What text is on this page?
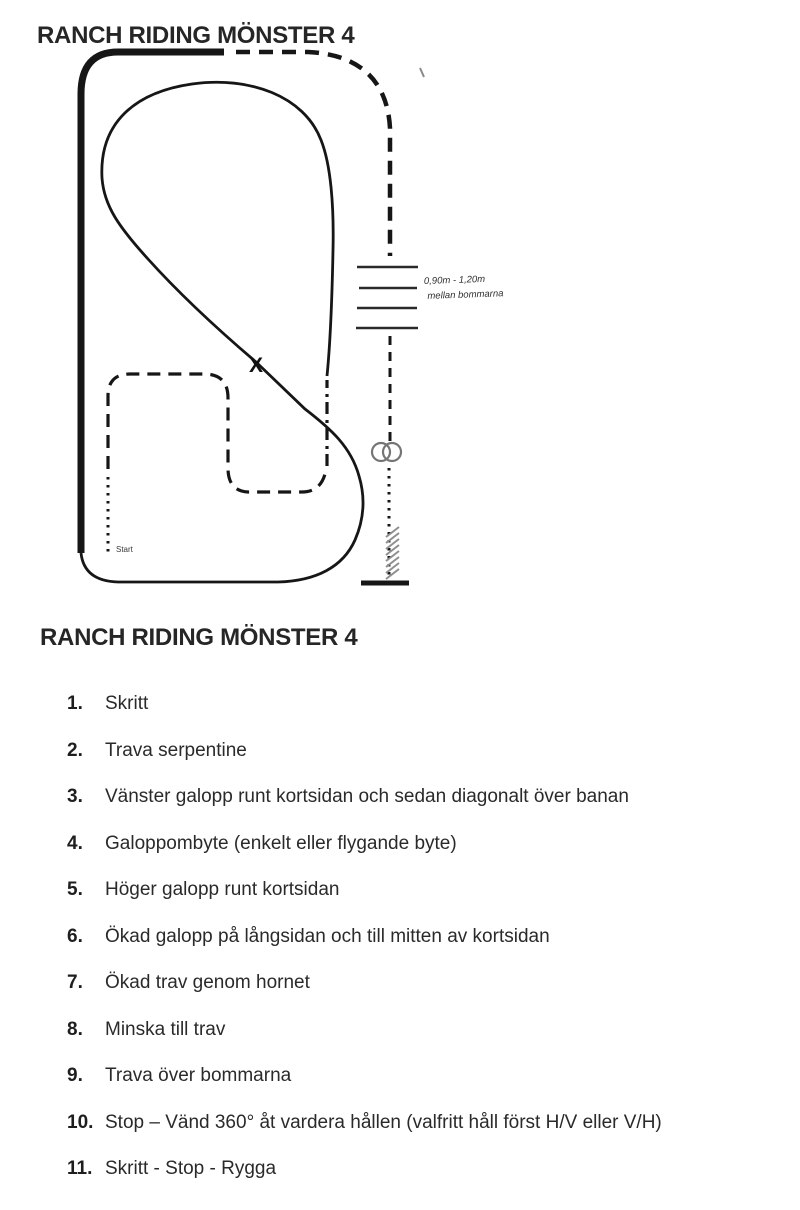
RANCH RIDING MÖNSTER 4
X
Start
0,90m - 1,20m
mellan bommarna
RANCH RIDING MÖNSTER 4
1.	Skritt
2.	Trava serpentine
3.	Vänster galopp runt kortsidan och sedan diagonalt över banan
4.	Galoppombyte (enkelt eller flygande byte)
5.	Höger galopp runt kortsidan
6.	Ökad galopp på långsidan och till mitten av kortsidan
7.	Ökad trav genom hornet
8.	Minska till trav
9.	Trava över bommarna
10. Stop – Vänd 360° åt vardera hållen (valfritt håll först H/V eller V/H)
11. Skritt - Stop - Rygga
